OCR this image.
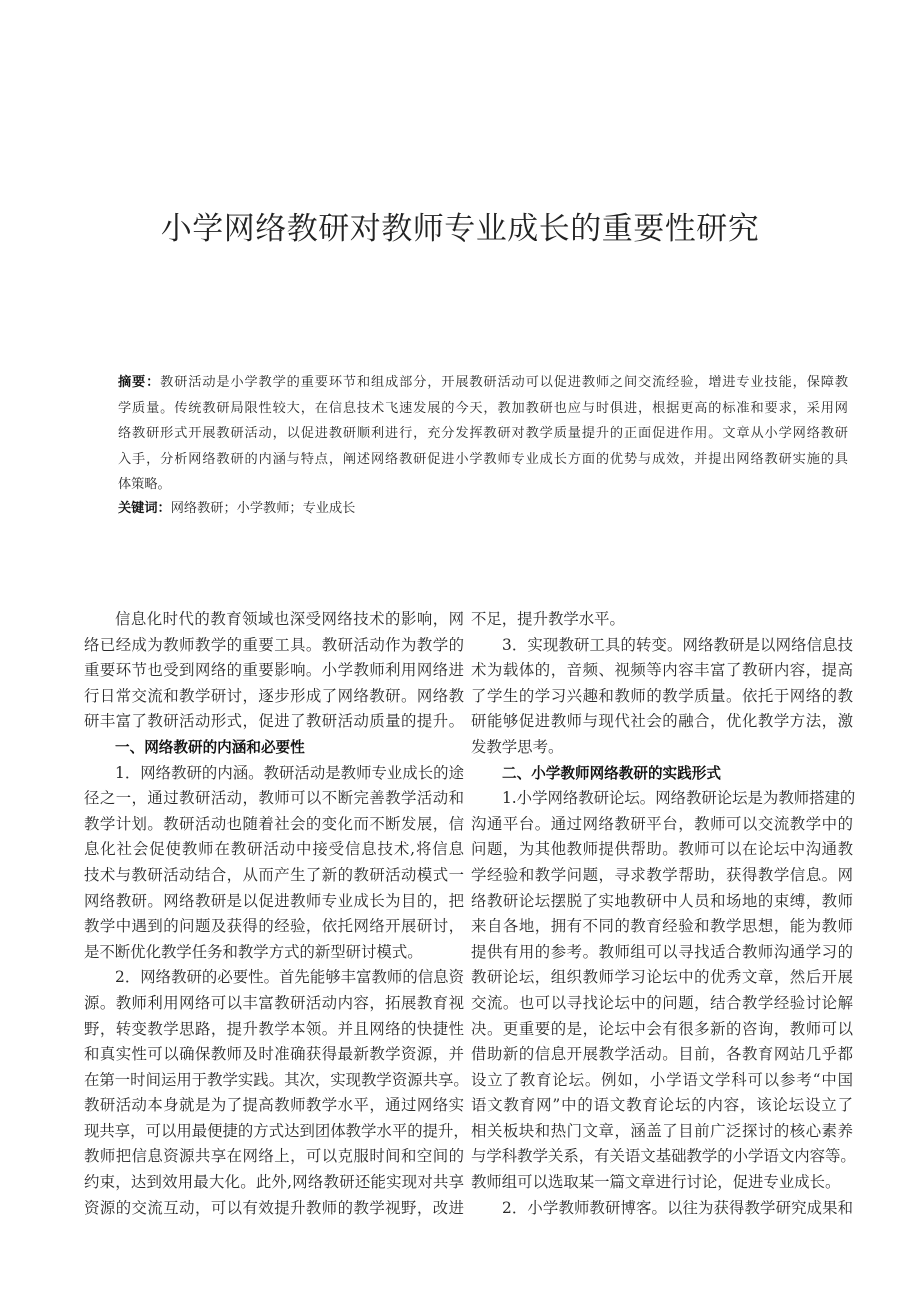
小学网络教研对教师专业成长的重要性研究
摘要：教研活动是小学教学的重要环节和组成部分，开展教研活动可以促进教师之间交流经验，增进专业技能，保障教
学质量。传统教研局限性较大，在信息技术飞速发展的今天，教加教研也应与时俱进，根据更高的标准和要求，采用网
络教研形式开展教研活动，以促进教研顺利进行，充分发挥教研对教学质量提升的正面促进作用。文章从小学网络教研
入手，分析网络教研的内涵与特点，阐述网络教研促进小学教师专业成长方面的优势与成效，并提出网络教研实施的具
体策略。
关键词：网络教研；小学教师；专业成长
信息化时代的教育领域也深受网络技术的影响，网
络已经成为教师教学的重要工具。教研活动作为教学的
重要环节也受到网络的重要影响。小学教师利用网络进
行日常交流和教学研讨，逐步形成了网络教研。网络教
研丰富了教研活动形式，促进了教研活动质量的提升。
一、网络教研的内涵和必要性
1．网络教研的内涵。教研活动是教师专业成长的途
径之一，通过教研活动，教师可以不断完善教学活动和
教学计划。教研活动也随着社会的变化而不断发展，信
息化社会促使教师在教研活动中接受信息技术,将信息
技术与教研活动结合，从而产生了新的教研活动模式一
网络教研。网络教研是以促进教师专业成长为目的，把
教学中遇到的问题及获得的经验，依托网络开展研讨，
是不断优化教学任务和教学方式的新型研讨模式。
2．网络教研的必要性。首先能够丰富教师的信息资
源。教师利用网络可以丰富教研活动内容，拓展教育视
野，转变教学思路，提升教学本领。并且网络的快捷性
和真实性可以确保教师及时准确获得最新教学资源，并
在第一时间运用于教学实践。其次，实现教学资源共享。
教研活动本身就是为了提高教师教学水平，通过网络实
现共享，可以用最便捷的方式达到团体教学水平的提升，
教师把信息资源共享在网络上，可以克服时间和空间的
约束，达到效用最大化。此外,网络教研还能实现对共享
资源的交流互动，可以有效提升教师的教学视野，改进
不足，提升教学水平。
3．实现教研工具的转变。网络教研是以网络信息技
术为载体的，音频、视频等内容丰富了教研内容，提高
了学生的学习兴趣和教师的教学质量。依托于网络的教
研能够促进教师与现代社会的融合，优化教学方法，激
发教学思考。
二、小学教师网络教研的实践形式
1.小学网络教研论坛。网络教研论坛是为教师搭建的
沟通平台。通过网络教研平台，教师可以交流教学中的
问题，为其他教师提供帮助。教师可以在论坛中沟通教
学经验和教学问题，寻求教学帮助，获得教学信息。网
络教研论坛摆脱了实地教研中人员和场地的束缚，教师
来自各地，拥有不同的教育经验和教学思想，能为教师
提供有用的参考。教师组可以寻找适合教师沟通学习的
教研论坛，组织教师学习论坛中的优秀文章，然后开展
交流。也可以寻找论坛中的问题，结合教学经验讨论解
决。更重要的是，论坛中会有很多新的咨询，教师可以
借助新的信息开展教学活动。目前，各教育网站几乎都
设立了教育论坛。例如，小学语文学科可以参考“中国
语文教育网”中的语文教育论坛的内容，该论坛设立了
相关板块和热门文章，涵盖了目前广泛探讨的核心素养
与学科教学关系，有关语文基础教学的小学语文内容等。
教师组可以选取某一篇文章进行讨论，促进专业成长。
2．小学教师教研博客。以往为获得教学研究成果和
